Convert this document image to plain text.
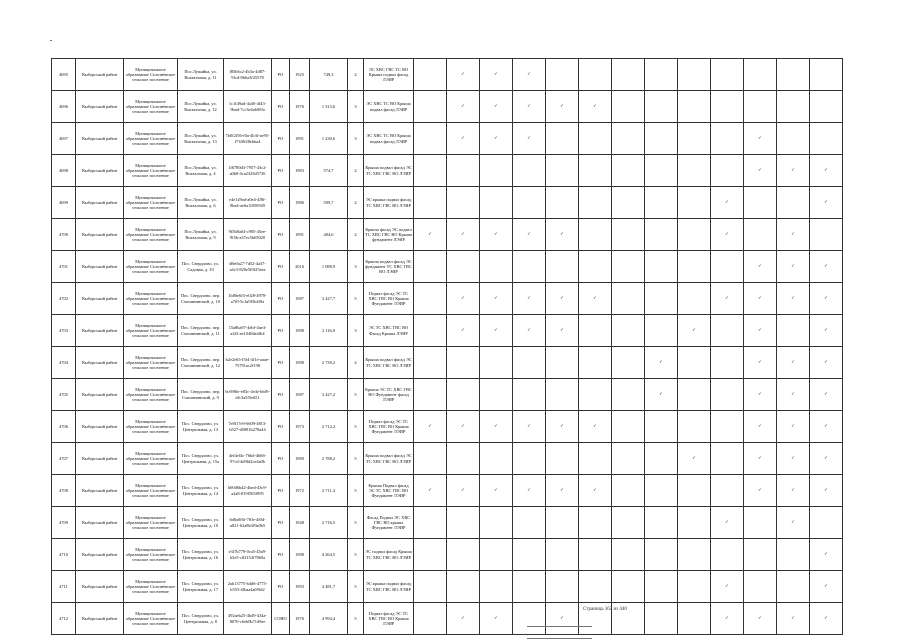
4695	Выборгский район	Муниципальное образование Селезнёвское сельское поселение	Пос.Лужайка, ул. Вокзальная, д. 11	f85b6c2-4b3a-4d87-9fcd-8b6a3f25578	РО	1925	749,3	2	ЭС ХВС ГВС ТС ВО Крыша подвал фасад ЛЭИР		✓	✓	✓									
4696	Выборгский район	Муниципальное образование Селезнёвское сельское поселение	Пос.Лужайка, ул. Вокзальная, д. 12	1c1f49ad-4a30-4f43-9bad-7cc3e4ab9f0a	РО	1976	1 313,6	3	ЭС ХВС ТС ВО Крыша подвал фасад ЛЭИР		✓	✓	✓	✓	✓							
4697	Выборгский район	Муниципальное образование Селезнёвское сельское поселение	Пос.Лужайка, ул. Вокзальная, д. 13	7b0f2f56-f0a-4b3f-ae95-f73f0f28ebba4	РО	1991	1 230,6	3	ЭС ХВС ТС ВО Крыша подвал фасад ЛЭИР		✓	✓	✓							✓		
4698	Выборгский район	Муниципальное образование Селезнёвское сельское поселение	Пос.Лужайка, ул. Вокзальная, д. 4	1f6780d3-7957-43c2-a0b8-4ca2325d5736	РО	1983	574,7	2	Крыша подвал фасад ЭС ТС ХВС ГВС ВО ЛЭИР											✓	✓	✓
4699	Выборгский район	Муниципальное образование Селезнёвское сельское поселение	Пос.Лужайка, ул. Вокзальная, д. 6	e4e149ad-a0e4-4f8f-8ba4-ae6a1f050949	РО	1986	599,7	2	ЭС крыша подвал фасад ТС ХВС ГВС ВО ЛЭИР										✓			✓
4700	Выборгский район	Муниципальное образование Селезнёвское сельское поселение	Пос.Лужайка, ул. Вокзальная, д. 9	9f5b8a04-c985-45ee-9f5b-a37ec5b65020	РО	1991	484,6	2	Крыша фасад ЭС подвал ТС ХВС ГВС ВО Крыша фундамент ЛЭИР	✓	✓	✓	✓	✓					✓		✓	
4701	Выборгский район	Муниципальное образование Селезнёвское сельское поселение	Пос. Свердлово, ул. Садовая, д. 10	d8e0a27-7d52-4a37-a4c3-820e5f0f25eea	РО	2016	1 088,9	3	Крыша подвал фасад ЭС фундамент ТС ХВС ГВС ВО ЛЭИР											✓	✓	✓
4702	Выборгский район	Муниципальное образование Селезнёвское сельское поселение	Пос. Свердлово, пер. Смолянинский, д. 10	1b80e6f5-e028-4978-a7f0-5c3a9f5b4f9a	РО	1987	3 427,7	5	Подвал фасад ЭС ТС ХВС ГВС ВО Крыша Фундамент ЛЭИР		✓	✓	✓	✓	✓				✓	✓	✓	✓
4703	Выборгский район	Муниципальное образование Селезнёвское сельское поселение	Пос. Свердлово, пер. Смолянинский, д. 11	15a8ba97-4ebf-4ae4-a4f3-ae1040da4fb4	РО	1988	2 116,9	3	ЭС ТС ХВС ГВС ВО Фасад Крыша ЛЭИР		✓	✓	✓	✓				✓		✓		✓
4704	Выборгский район	Муниципальное образование Селезнёвское сельское поселение	Пос. Свердлово, пер. Смолянинский, д. 12	b2e2e65-f5f4-4f1e-aaae-75791ac2f198	РО	1988	2 739,2	4	Крыша подвал фасад ЭС ТС ХВС ГВС ВО ЛЭИР								✓			✓	✓	✓
4705	Выборгский район	Муниципальное образование Селезнёвское сельское поселение	Пос. Свердлово, пер. Смолянинский, д. 9	6c698fe-e83c-4e4e-bbf9-dfc3a5f5e651	РО	1987	3 427,2	5	Крыша ЭС ТС ХВС ГВС ВО Фундамент фасад ЛЭИР								✓			✓	✓	✓
4706	Выборгский район	Муниципальное образование Селезнёвское сельское поселение	Пос. Свердлово, ул. Центральная, д. 13	7e8f17e9-6609-4813-b527-d5881b278a44	РО	1973	2 712,2	5	Подвал фасад ЭС ТС ХВС ГВС ВО Крыша Фундамент ЛЭИР	✓	✓	✓	✓	✓	✓					✓	✓	✓
4707	Выборгский район	Муниципальное образование Селезнёвское сельское поселение	Пос. Свердлово, ул. Центральная, д. 15а	4ef4ef4c-76bd-4b66-97cd-4d9fd2ce4a0b	РО	1980	2 788,2	5	Крыша подвал фасад ЭС ТС ХВС ГВС ВО ЛЭИР									✓		✓	✓	✓
4708	Выборгский район	Муниципальное образование Селезнёвское сельское поселение	Пос. Свердлово, ул. Центральная, д. 14	b00d6b42-4bed-43c9-a2a8-819f565f995	РО	1972	2 711,4	5	Крыша Подвал фасад ЭС ТС ХВС ГВС ВО Фундамент ЛЭИР	✓	✓	✓	✓	✓	✓					✓	✓	✓
4709	Выборгский район	Муниципальное образование Селезнёвское сельское поселение	Пос. Свердлово, ул. Центральная, д. 10	6d0a0f6f-7f0e-4f0d-a821-62a8b3f9a0b5	РО	1948	2 716,5	5	Фасад Подвал ЭС ХВС ГВС ВО крыша Фундамент ЛЭИР										✓		✓	
4710	Выборгский район	Муниципальное образование Селезнёвское сельское поселение	Пос. Свердлово, ул. Центральная, д. 16	e3f7b779-0ca5-45a9-b3e5-c82154f78b9a	РО	1988	4 264,5	5	ЭС подвал фасад Крыша ТС ХВС ГВС ВО ЛЭИР													✓
4711	Выборгский район	Муниципальное образование Селезнёвское сельское поселение	Пос. Свердлово, ул. Центральная, д. 17	2ab13775-b4d6-4775-b553-4fbaa4a69fd2	РО	1993	4 481,7	5	ЭС крыша подвал фасад ТС ХВС ГВС ВО ЛЭИР										✓			✓
4712	Выборгский район	Муниципальное образование Селезнёвское сельское поселение	Пос. Свердлово, ул. Центральная, д. 8	492aeb25-4b49-434a-8070-c6eb0b71d9ee	СОНО	1976	4 994,4	5	Подвал фасад ЭС ТС ХВС ГВС ВО Крыша ЛЭИР		✓	✓		✓					✓	✓	✓	✓
Страница 362 из 440
